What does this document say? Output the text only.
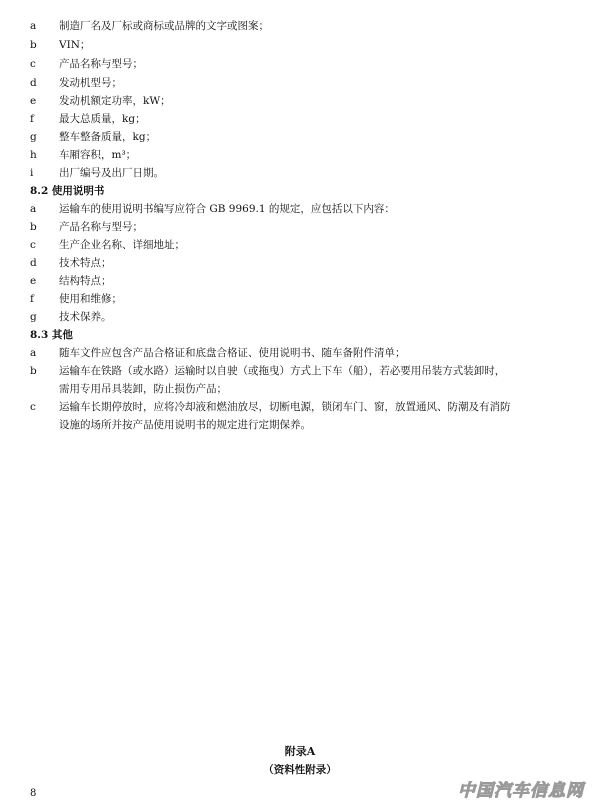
a	制造厂名及厂标或商标或品牌的文字或图案；
b	VIN；
c	产品名称与型号；
d	发动机型号；
e	发动机额定功率，kW；
f	最大总质量，kg；
g	整车整备质量，kg；
h	车厢容积，m³；
i	出厂编号及出厂日期。
8.2 使用说明书
a	运输车的使用说明书编写应符合 GB 9969.1 的规定，应包括以下内容：
b	产品名称与型号；
c	生产企业名称、详细地址；
d	技术特点；
e	结构特点；
f	使用和维修；
g	技术保养。
8.3 其他
a	随车文件应包含产品合格证和底盘合格证、使用说明书、随车备附件清单；
b	运输车在铁路（或水路）运输时以自驶（或拖曳）方式上下车（船），若必要用吊装方式装卸时，
需用专用吊具装卸，防止损伤产品；
c	运输车长期停放时，应将冷却液和燃油放尽，切断电源，锁闭车门、窗，放置通风、防潮及有消防
设施的场所并按产品使用说明书的规定进行定期保养。
附录A
（资料性附录）
8	中国汽车信息网
